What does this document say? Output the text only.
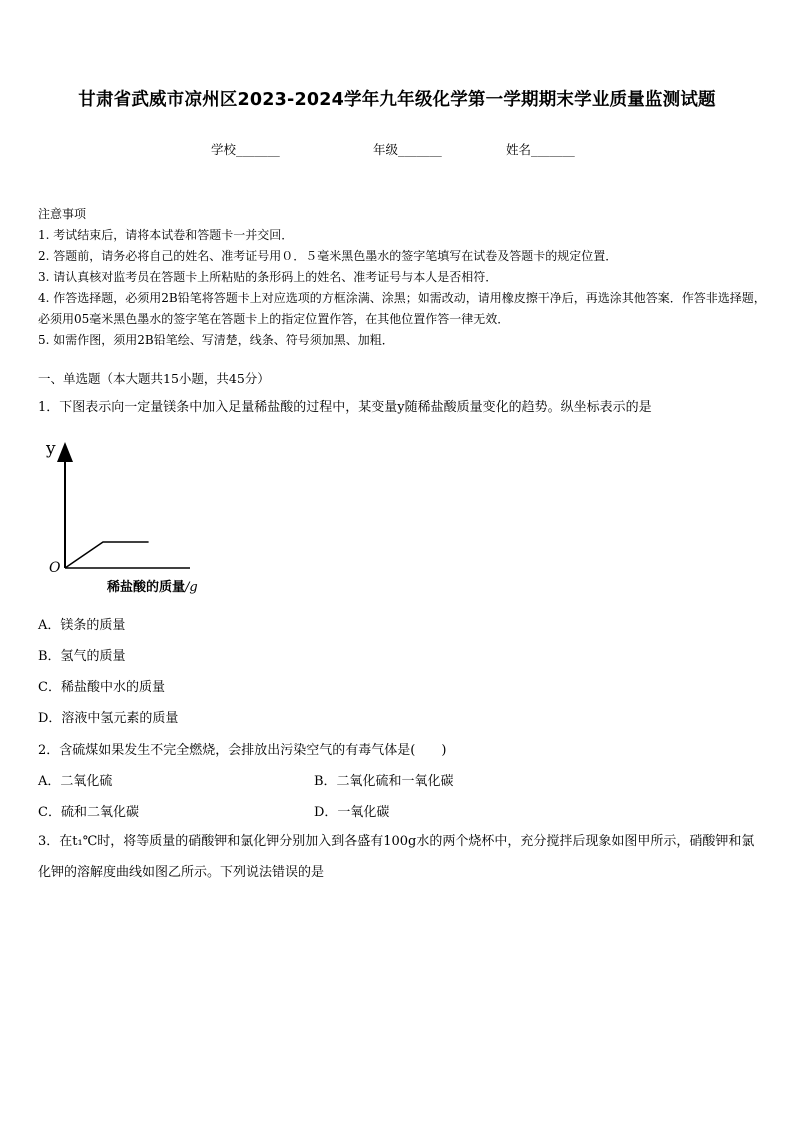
甘肃省武威市凉州区2023-2024学年九年级化学第一学期期末学业质量监测试题
学校_______	年级_______	姓名_______
注意事项
1. 考试结束后，请将本试卷和答题卡一并交回．
2. 答题前，请务必将自己的姓名、准考证号用０．５毫米黑色墨水的签字笔填写在试卷及答题卡的规定位置．
3. 请认真核对监考员在答题卡上所粘贴的条形码上的姓名、准考证号与本人是否相符．
4. 作答选择题，必须用2B铅笔将答题卡上对应选项的方框涂满、涂黑；如需改动，请用橡皮擦干净后，再选涂其他答案．作答非选择题，必须用05毫米黑色墨水的签字笔在答题卡上的指定位置作答，在其他位置作答一律无效．
5. 如需作图，须用2B铅笔绘、写清楚，线条、符号须加黑、加粗．
一、单选题（本大题共15小题，共45分）
1．下图表示向一定量镁条中加入足量稀盐酸的过程中，某变量y随稀盐酸质量变化的趋势。纵坐标表示的是
y
O
稀盐酸的质量/g
A．镁条的质量
B．氢气的质量
C．稀盐酸中水的质量
D．溶液中氢元素的质量
2．含硫煤如果发生不完全燃烧，会排放出污染空气的有毒气体是(　　)
A．二氧化硫	B．二氧化硫和一氧化碳
C．硫和二氧化碳	D．一氧化碳
3．在t₁℃时，将等质量的硝酸钾和氯化钾分别加入到各盛有100g水的两个烧杯中，充分搅拌后现象如图甲所示，硝酸钾和氯化钾的溶解度曲线如图乙所示。下列说法错误的是
